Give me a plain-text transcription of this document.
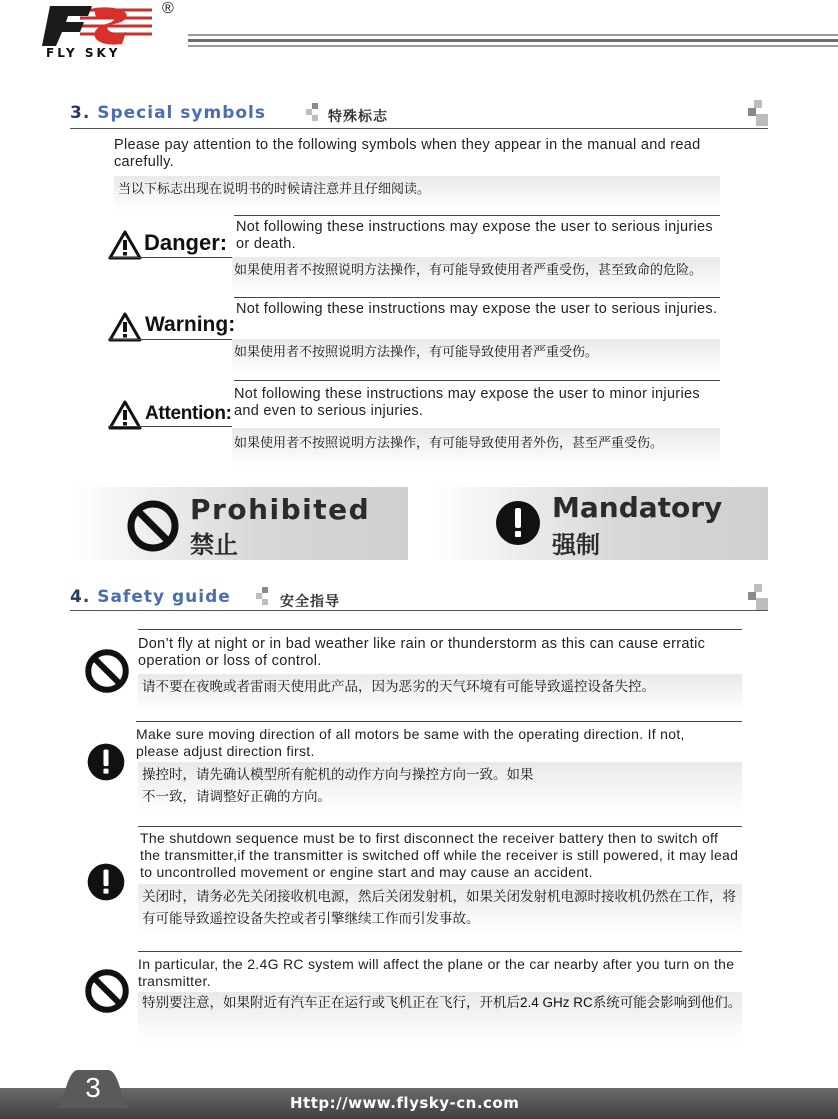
FLY SKY
®
3. Special symbols	特殊标志
Please pay attention to the following symbols when they appear in the manual and read carefully.
当以下标志出现在说明书的时候请注意并且仔细阅读。
Danger:
Not following these instructions may expose the user to serious injuries or death.
如果使用者不按照说明方法操作，有可能导致使用者严重受伤，甚至致命的危险。
Warning:
Not following these instructions may expose the user to serious injuries.
如果使用者不按照说明方法操作，有可能导致使用者严重受伤。
Attention:
Not following these instructions may expose the user to minor injuries and even to serious injuries.
如果使用者不按照说明方法操作，有可能导致使用者外伤，甚至严重受伤。
Prohibited
禁止
Mandatory
强制
4. Safety guide	安全指导
Don’t fly at night or in bad weather like rain or thunderstorm as this can cause erratic operation or loss of control.
请不要在夜晚或者雷雨天使用此产品，因为恶劣的天气环境有可能导致遥控设备失控。
Make sure moving direction of all motors be same with the operating direction. If not, please adjust direction first.
操控时，请先确认模型所有舵机的动作方向与操控方向一致。如果不一致，请调整好正确的方向。
The shutdown sequence must be to first disconnect the receiver battery then to switch off the transmitter,if the transmitter is switched off while the receiver is still powered, it may lead to uncontrolled movement or engine start and may cause an accident.
关闭时，请务必先关闭接收机电源，然后关闭发射机，如果关闭发射机电源时接收机仍然在工作，将有可能导致遥控设备失控或者引擎继续工作而引发事故。
In particular, the 2.4G RC system will affect the plane or the car nearby after you turn on the transmitter.
特别要注意，如果附近有汽车正在运行或飞机正在飞行，开机后2.4 GHz RC系统可能会影响到他们。
3	Http://www.flysky-cn.com
